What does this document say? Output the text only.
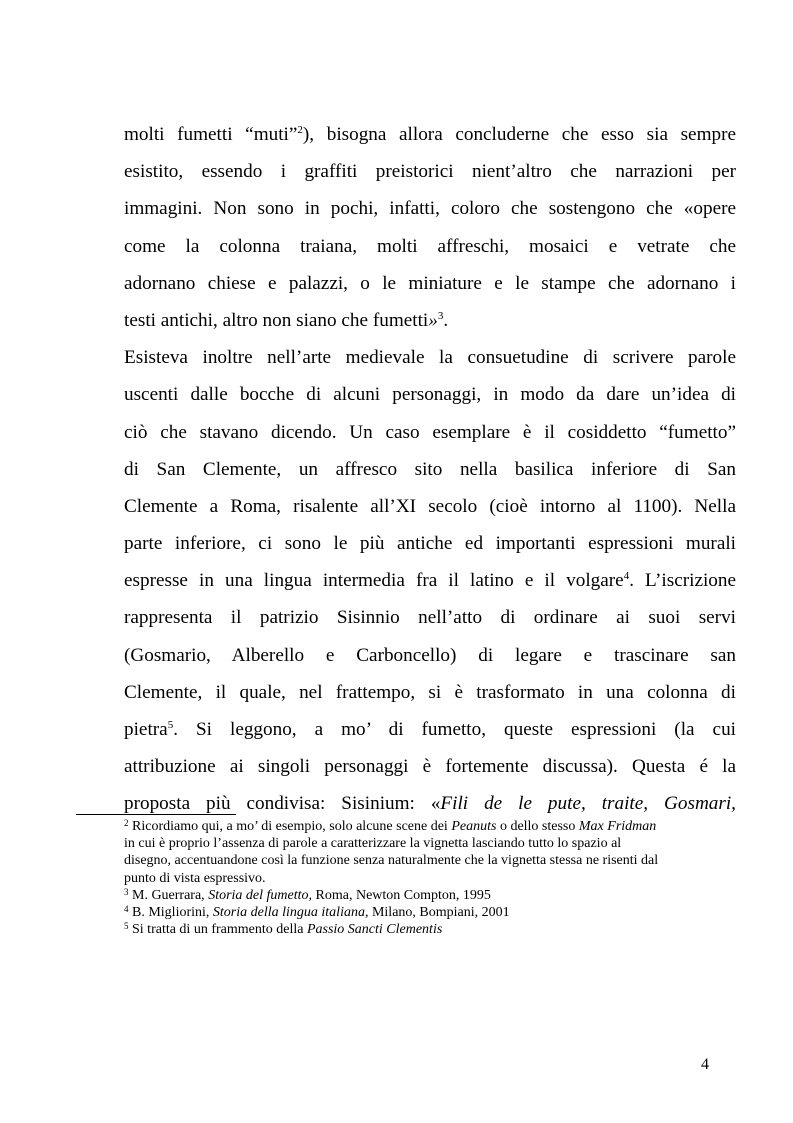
molti fumetti “muti”$^2$), bisogna allora concluderne che esso sia sempre
esistito, essendo i graffiti preistorici nient’altro che narrazioni per
immagini. Non sono in pochi, infatti, coloro che sostengono che «opere
come la colonna traiana, molti affreschi, mosaici e vetrate che
adornano chiese e palazzi, o le miniature e le stampe che adornano i
testi antichi, altro non siano che fumetti»$^3$.
Esisteva inoltre nell’arte medievale la consuetudine di scrivere parole
uscenti dalle bocche di alcuni personaggi, in modo da dare un’idea di
ciò che stavano dicendo. Un caso esemplare è il cosiddetto “fumetto”
di San Clemente, un affresco sito nella basilica inferiore di San
Clemente a Roma, risalente all’XI secolo (cioè intorno al 1100). Nella
parte inferiore, ci sono le più antiche ed importanti espressioni murali
espresse in una lingua intermedia fra il latino e il volgare$^4$. L’iscrizione
rappresenta il patrizio Sisinnio nell’atto di ordinare ai suoi servi
(Gosmario, Alberello e Carboncello) di legare e trascinare san
Clemente, il quale, nel frattempo, si è trasformato in una colonna di
pietra$^5$. Si leggono, a mo’ di fumetto, queste espressioni (la cui
attribuzione ai singoli personaggi è fortemente discussa). Questa é la
proposta più condivisa: Sisinium: «Fili de le pute, traite, Gosmari,
$^2$ Ricordiamo qui, a mo’ di esempio, solo alcune scene dei Peanuts o dello stesso Max Fridman
in cui è proprio l’assenza di parole a caratterizzare la vignetta lasciando tutto lo spazio al
disegno, accentuandone così la funzione senza naturalmente che la vignetta stessa ne risenti dal
punto di vista espressivo.
$^3$ M. Guerrara, Storia del fumetto, Roma, Newton Compton, 1995
$^4$ B. Migliorini, Storia della lingua italiana, Milano, Bompiani, 2001
$^5$ Si tratta di un frammento della Passio Sancti Clementis
4
